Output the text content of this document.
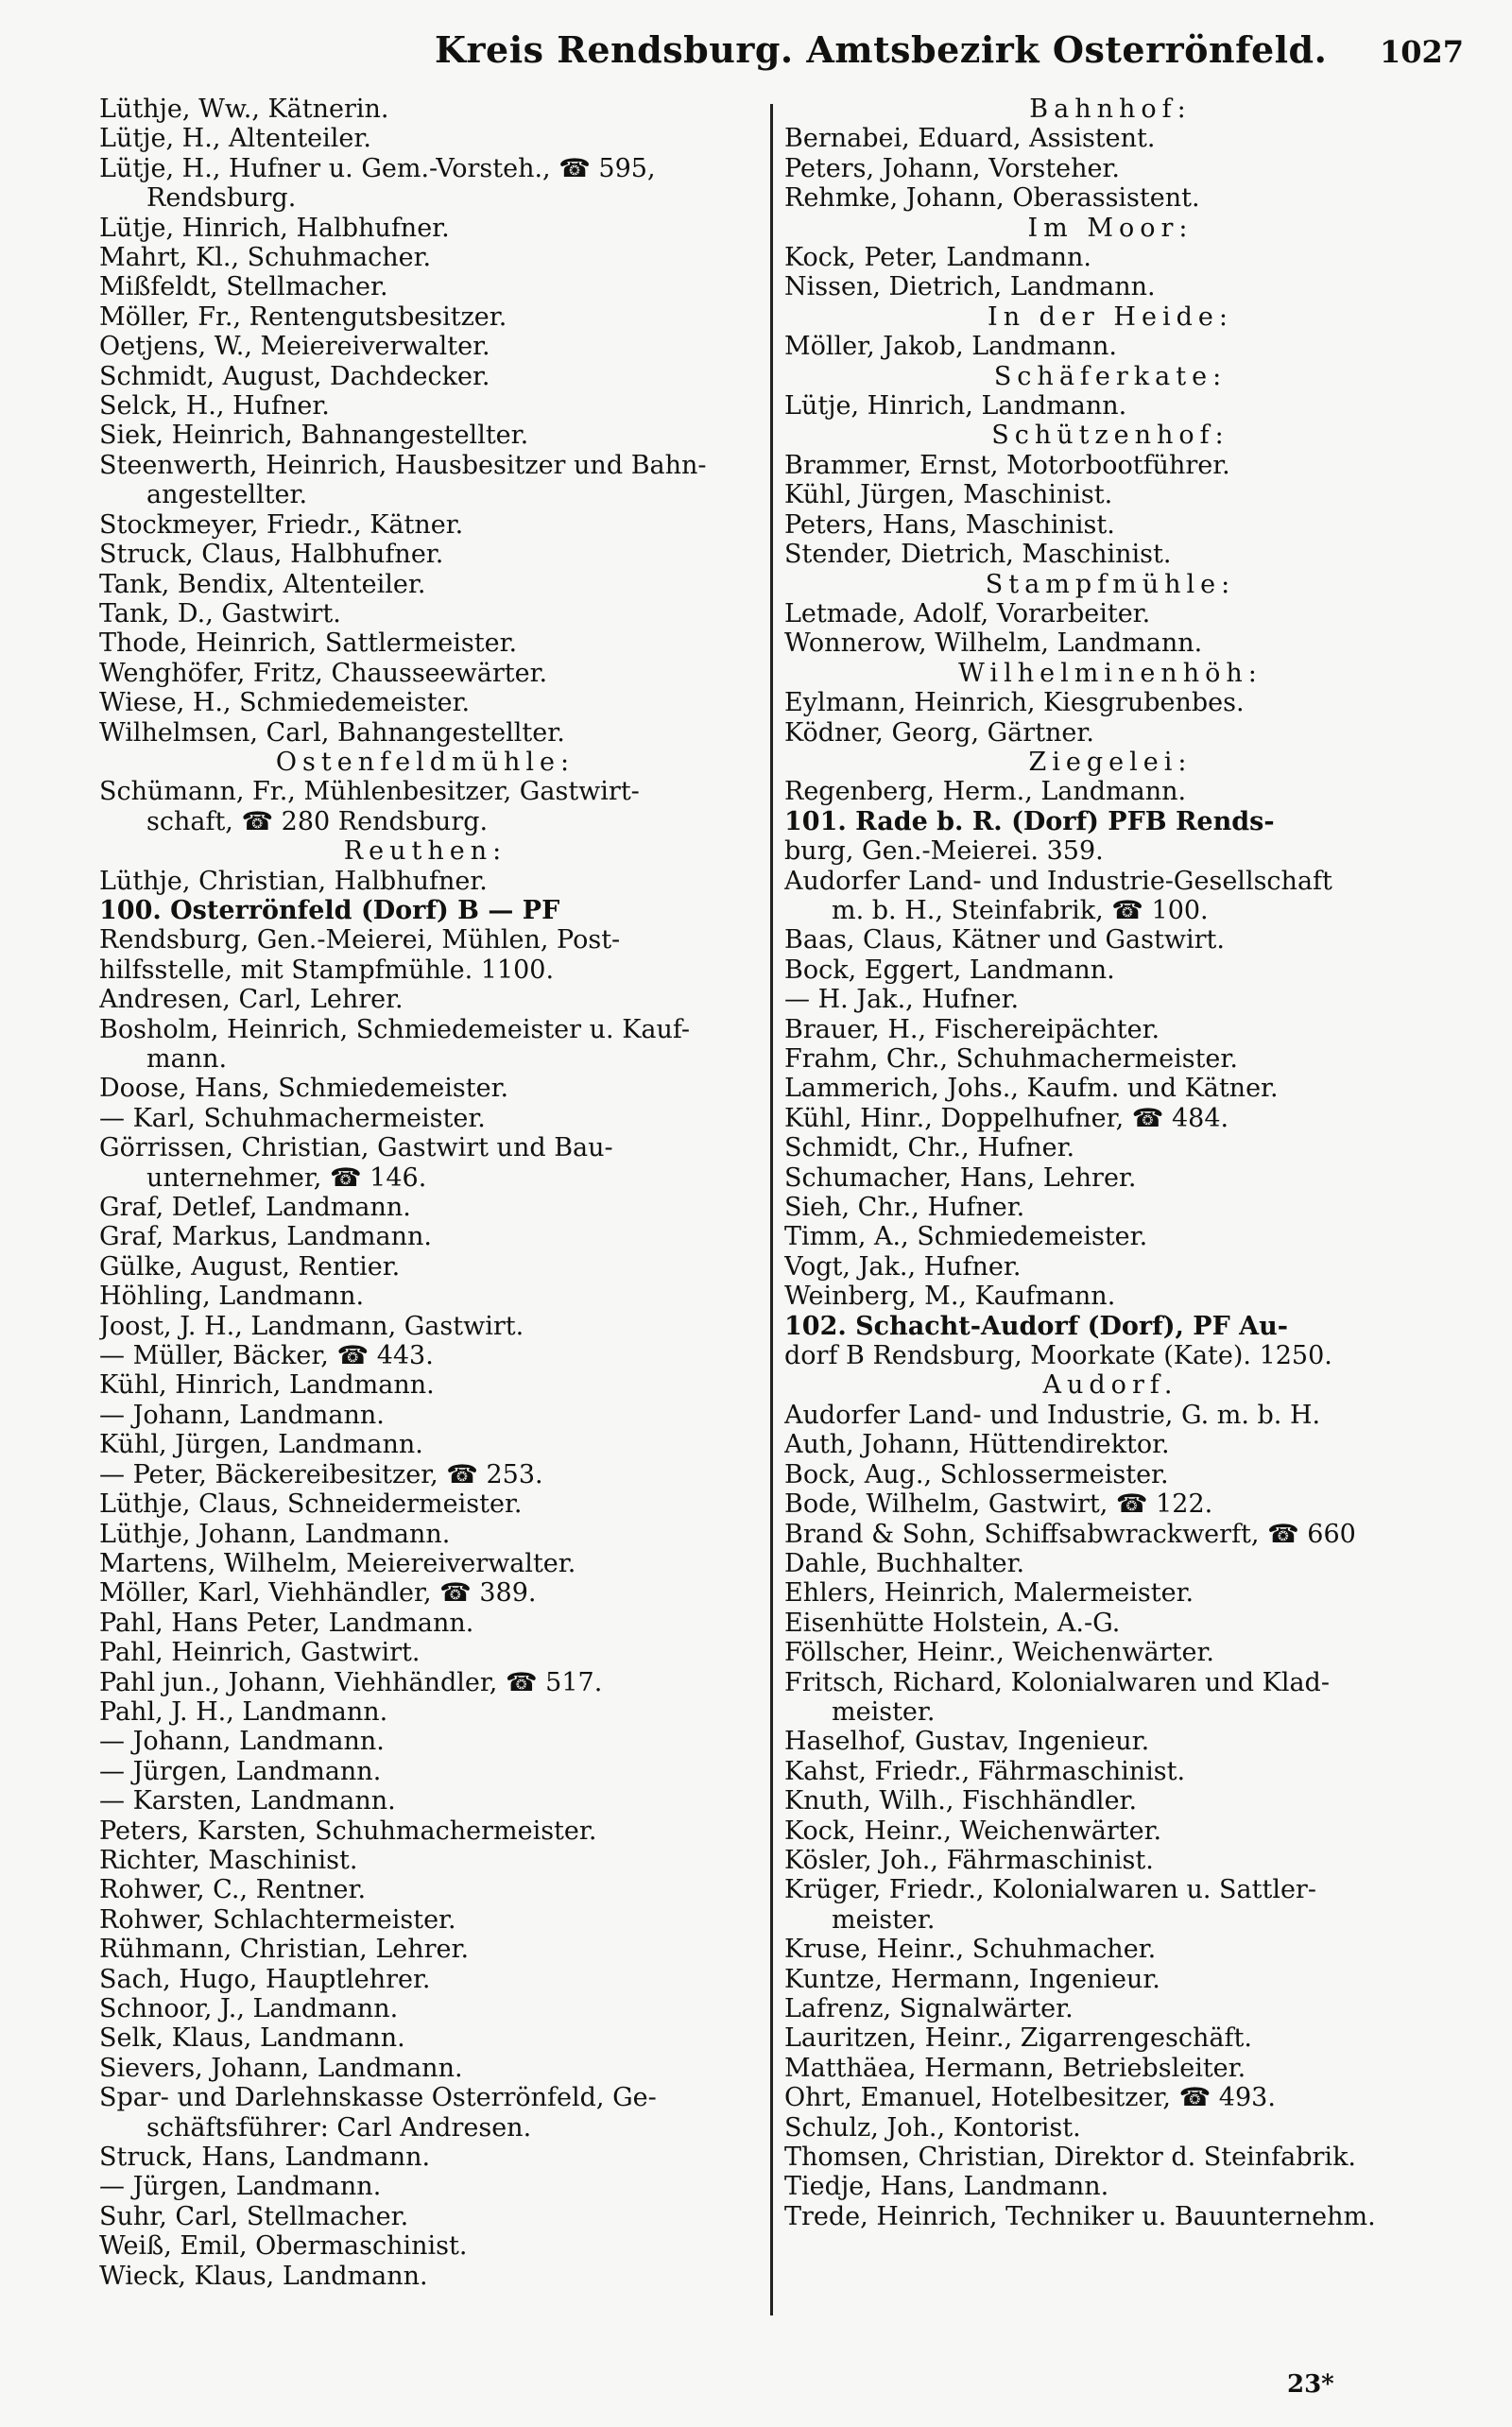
Kreis Rendsburg. Amtsbezirk Osterrönfeld. 1027
Lüthje, Ww., Kätnerin.
Lütje, H., Altenteiler.
Lütje, H., Hufner u. Gem.-Vorsteh., ☎ 595,
Rendsburg.
Lütje, Hinrich, Halbhufner.
Mahrt, Kl., Schuhmacher.
Mißfeldt, Stellmacher.
Möller, Fr., Rentengutsbesitzer.
Oetjens, W., Meiereiverwalter.
Schmidt, August, Dachdecker.
Selck, H., Hufner.
Siek, Heinrich, Bahnangestellter.
Steenwerth, Heinrich, Hausbesitzer und Bahn-
angestellter.
Stockmeyer, Friedr., Kätner.
Struck, Claus, Halbhufner.
Tank, Bendix, Altenteiler.
Tank, D., Gastwirt.
Thode, Heinrich, Sattlermeister.
Wenghöfer, Fritz, Chausseewärter.
Wiese, H., Schmiedemeister.
Wilhelmsen, Carl, Bahnangestellter.
Ostenfeldmühle:
Schümann, Fr., Mühlenbesitzer, Gastwirt-
schaft, ☎ 280 Rendsburg.
Reuthen:
Lüthje, Christian, Halbhufner.
100. Osterrönfeld (Dorf) B — PF
Rendsburg, Gen.-Meierei, Mühlen, Post-
hilfsstelle, mit Stampfmühle. 1100.
Andresen, Carl, Lehrer.
Bosholm, Heinrich, Schmiedemeister u. Kauf-
mann.
Doose, Hans, Schmiedemeister.
— Karl, Schuhmachermeister.
Görrissen, Christian, Gastwirt und Bau-
unternehmer, ☎ 146.
Graf, Detlef, Landmann.
Graf, Markus, Landmann.
Gülke, August, Rentier.
Höhling, Landmann.
Joost, J. H., Landmann, Gastwirt.
— Müller, Bäcker, ☎ 443.
Kühl, Hinrich, Landmann.
— Johann, Landmann.
Kühl, Jürgen, Landmann.
— Peter, Bäckereibesitzer, ☎ 253.
Lüthje, Claus, Schneidermeister.
Lüthje, Johann, Landmann.
Martens, Wilhelm, Meiereiverwalter.
Möller, Karl, Viehhändler, ☎ 389.
Pahl, Hans Peter, Landmann.
Pahl, Heinrich, Gastwirt.
Pahl jun., Johann, Viehhändler, ☎ 517.
Pahl, J. H., Landmann.
— Johann, Landmann.
— Jürgen, Landmann.
— Karsten, Landmann.
Peters, Karsten, Schuhmachermeister.
Richter, Maschinist.
Rohwer, C., Rentner.
Rohwer, Schlachtermeister.
Rühmann, Christian, Lehrer.
Sach, Hugo, Hauptlehrer.
Schnoor, J., Landmann.
Selk, Klaus, Landmann.
Sievers, Johann, Landmann.
Spar- und Darlehnskasse Osterrönfeld, Ge-
schäftsführer: Carl Andresen.
Struck, Hans, Landmann.
— Jürgen, Landmann.
Suhr, Carl, Stellmacher.
Weiß, Emil, Obermaschinist.
Wieck, Klaus, Landmann.
Bahnhof:
Bernabei, Eduard, Assistent.
Peters, Johann, Vorsteher.
Rehmke, Johann, Oberassistent.
Im Moor:
Kock, Peter, Landmann.
Nissen, Dietrich, Landmann.
In der Heide:
Möller, Jakob, Landmann.
Schäferkate:
Lütje, Hinrich, Landmann.
Schützenhof:
Brammer, Ernst, Motorbootführer.
Kühl, Jürgen, Maschinist.
Peters, Hans, Maschinist.
Stender, Dietrich, Maschinist.
Stampfmühle:
Letmade, Adolf, Vorarbeiter.
Wonnerow, Wilhelm, Landmann.
Wilhelminenhöh:
Eylmann, Heinrich, Kiesgrubenbes.
Ködner, Georg, Gärtner.
Ziegelei:
Regenberg, Herm., Landmann.
101. Rade b. R. (Dorf) PFB Rends-
burg, Gen.-Meierei. 359.
Audorfer Land- und Industrie-Gesellschaft
m. b. H., Steinfabrik, ☎ 100.
Baas, Claus, Kätner und Gastwirt.
Bock, Eggert, Landmann.
— H. Jak., Hufner.
Brauer, H., Fischereipächter.
Frahm, Chr., Schuhmachermeister.
Lammerich, Johs., Kaufm. und Kätner.
Kühl, Hinr., Doppelhufner, ☎ 484.
Schmidt, Chr., Hufner.
Schumacher, Hans, Lehrer.
Sieh, Chr., Hufner.
Timm, A., Schmiedemeister.
Vogt, Jak., Hufner.
Weinberg, M., Kaufmann.
102. Schacht-Audorf (Dorf), PF Au-
dorf B Rendsburg, Moorkate (Kate). 1250.
Audorf.
Audorfer Land- und Industrie, G. m. b. H.
Auth, Johann, Hüttendirektor.
Bock, Aug., Schlossermeister.
Bode, Wilhelm, Gastwirt, ☎ 122.
Brand & Sohn, Schiffsabwrackwerft, ☎ 660
Dahle, Buchhalter.
Ehlers, Heinrich, Malermeister.
Eisenhütte Holstein, A.-G.
Föllscher, Heinr., Weichenwärter.
Fritsch, Richard, Kolonialwaren und Klad-
meister.
Haselhof, Gustav, Ingenieur.
Kahst, Friedr., Fährmaschinist.
Knuth, Wilh., Fischhändler.
Kock, Heinr., Weichenwärter.
Kösler, Joh., Fährmaschinist.
Krüger, Friedr., Kolonialwaren u. Sattler-
meister.
Kruse, Heinr., Schuhmacher.
Kuntze, Hermann, Ingenieur.
Lafrenz, Signalwärter.
Lauritzen, Heinr., Zigarrengeschäft.
Matthäea, Hermann, Betriebsleiter.
Ohrt, Emanuel, Hotelbesitzer, ☎ 493.
Schulz, Joh., Kontorist.
Thomsen, Christian, Direktor d. Steinfabrik.
Tiedje, Hans, Landmann.
Trede, Heinrich, Techniker u. Bauunternehm.
23*
